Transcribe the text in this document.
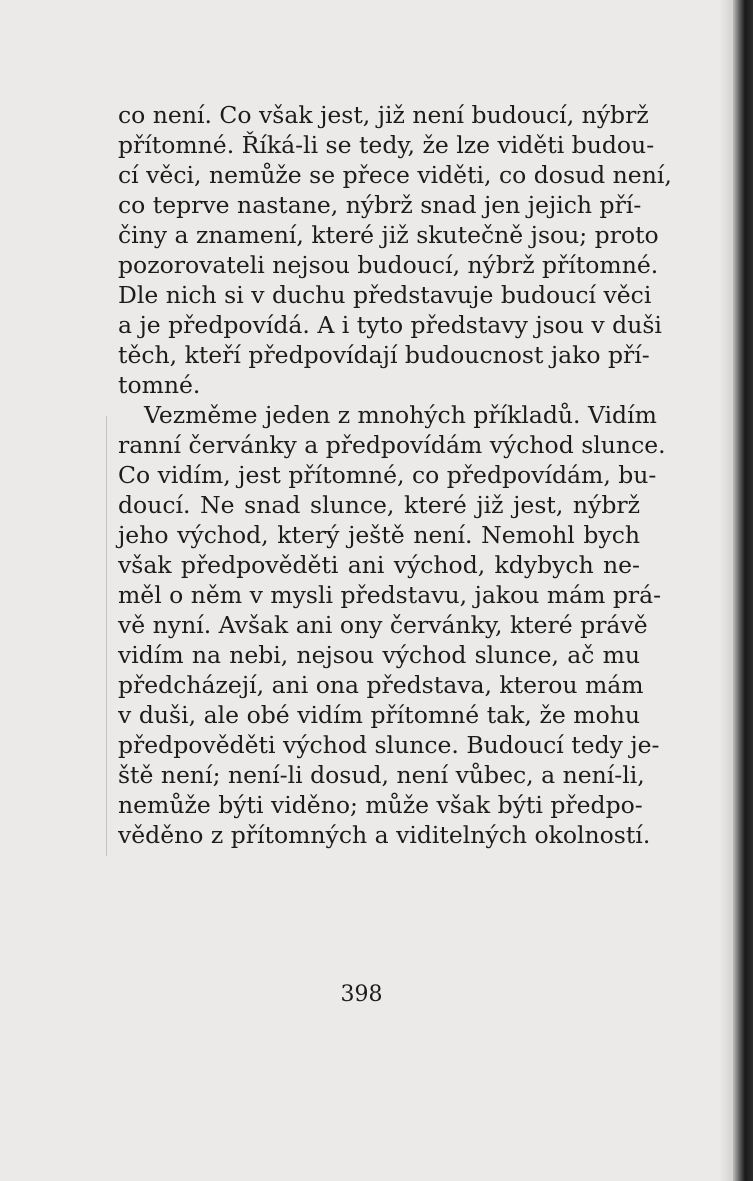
co není. Co však jest, již není budoucí, nýbrž
přítomné. Říká-li se tedy, že lze viděti budou-
cí věci, nemůže se přece viděti, co dosud není,
co teprve nastane, nýbrž snad jen jejich pří-
činy a znamení, které již skutečně jsou; proto
pozorovateli nejsou budoucí, nýbrž přítomné.
Dle nich si v duchu představuje budoucí věci
a je předpovídá. A i tyto představy jsou v duši
těch, kteří předpovídají budoucnost jako pří-
tomné.

Vezměme jeden z mnohých příkladů. Vidím
ranní červánky a předpovídám východ slunce.
Co vidím, jest přítomné, co předpovídám, bu-
doucí. Ne snad slunce, které již jest, nýbrž
jeho východ, který ještě není. Nemohl bych
však předpověděti ani východ, kdybych ne-
měl o něm v mysli představu, jakou mám prá-
vě nyní. Avšak ani ony červánky, které právě
vidím na nebi, nejsou východ slunce, ač mu
předcházejí, ani ona představa, kterou mám
v duši, ale obé vidím přítomné tak, že mohu
předpověděti východ slunce. Budoucí tedy je-
ště není; není-li dosud, není vůbec, a není-li,
nemůže býti viděno; může však býti předpo-
věděno z přítomných a viditelných okolností.

398
